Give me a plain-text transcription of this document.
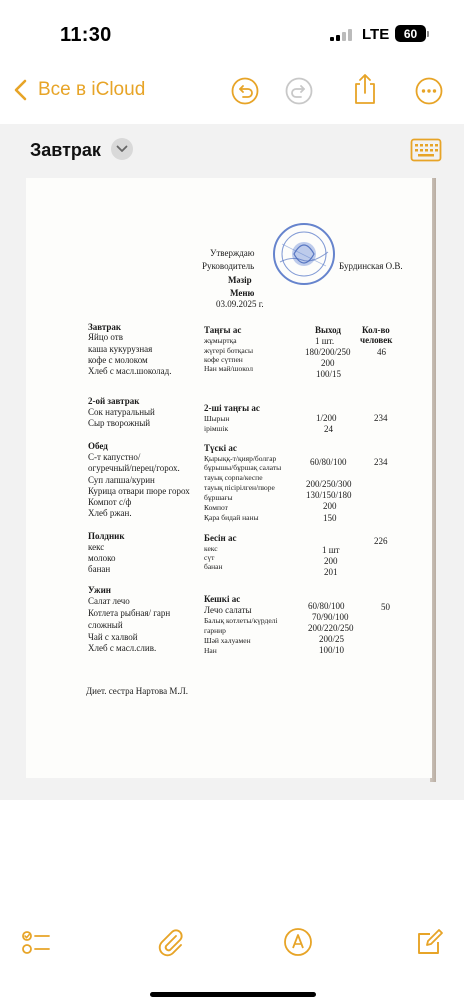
11:30	LTE 60
Все в iCloud
Завтрак
Утверждаю
Руководитель	Бурдинская О.В.
Мәзір
Меню
03.09.2025 г.
Выход Кол-во
человек
Завтрак
Яйцо отв
каша кукурузная
кофе с молоком
Хлеб с масл.шоколад.
Таңғы ас
жұмыртқа
жүгері ботқасы
кофе сүтпен
Нан май/шокол
1 шт.
180/200/250
200
100/15
46
2-ой завтрак
Сок натуральный
Сыр творожный
2-ші таңғы ас
Шырын
ірімшік
1/200
24
234
Обед
С-т капустно/
огуречный/перец/горох.
Суп лапша/курин
Курица отвари пюре горох
Компот с/ф
Хлеб ржан.
Түскі ас
Қырыққ-т/қияр/болгар
бұрышы/бұршақ салаты
тауық сорпа/кеспе
тауық пісірілген/пюре
бұршағы
Компот
Қара бидай наны
60/80/100
200/250/300
130/150/180
200
150
234
Полдник
кекс
молоко
банан
Бесін ас
кекс
сүт
банан
1 шт
200
201
226
Ужин
Салат лечо
Котлета рыбная/ гарн
сложный
Чай с халвой
Хлеб с масл.слив.
Кешкі ас
Лечо салаты
Балық котлеты/күрделі
гарнир
Шәй халуамен
Нан
60/80/100
70/90/100
200/220/250
200/25
100/10
50
Диет. сестра Нартова М.Л.
